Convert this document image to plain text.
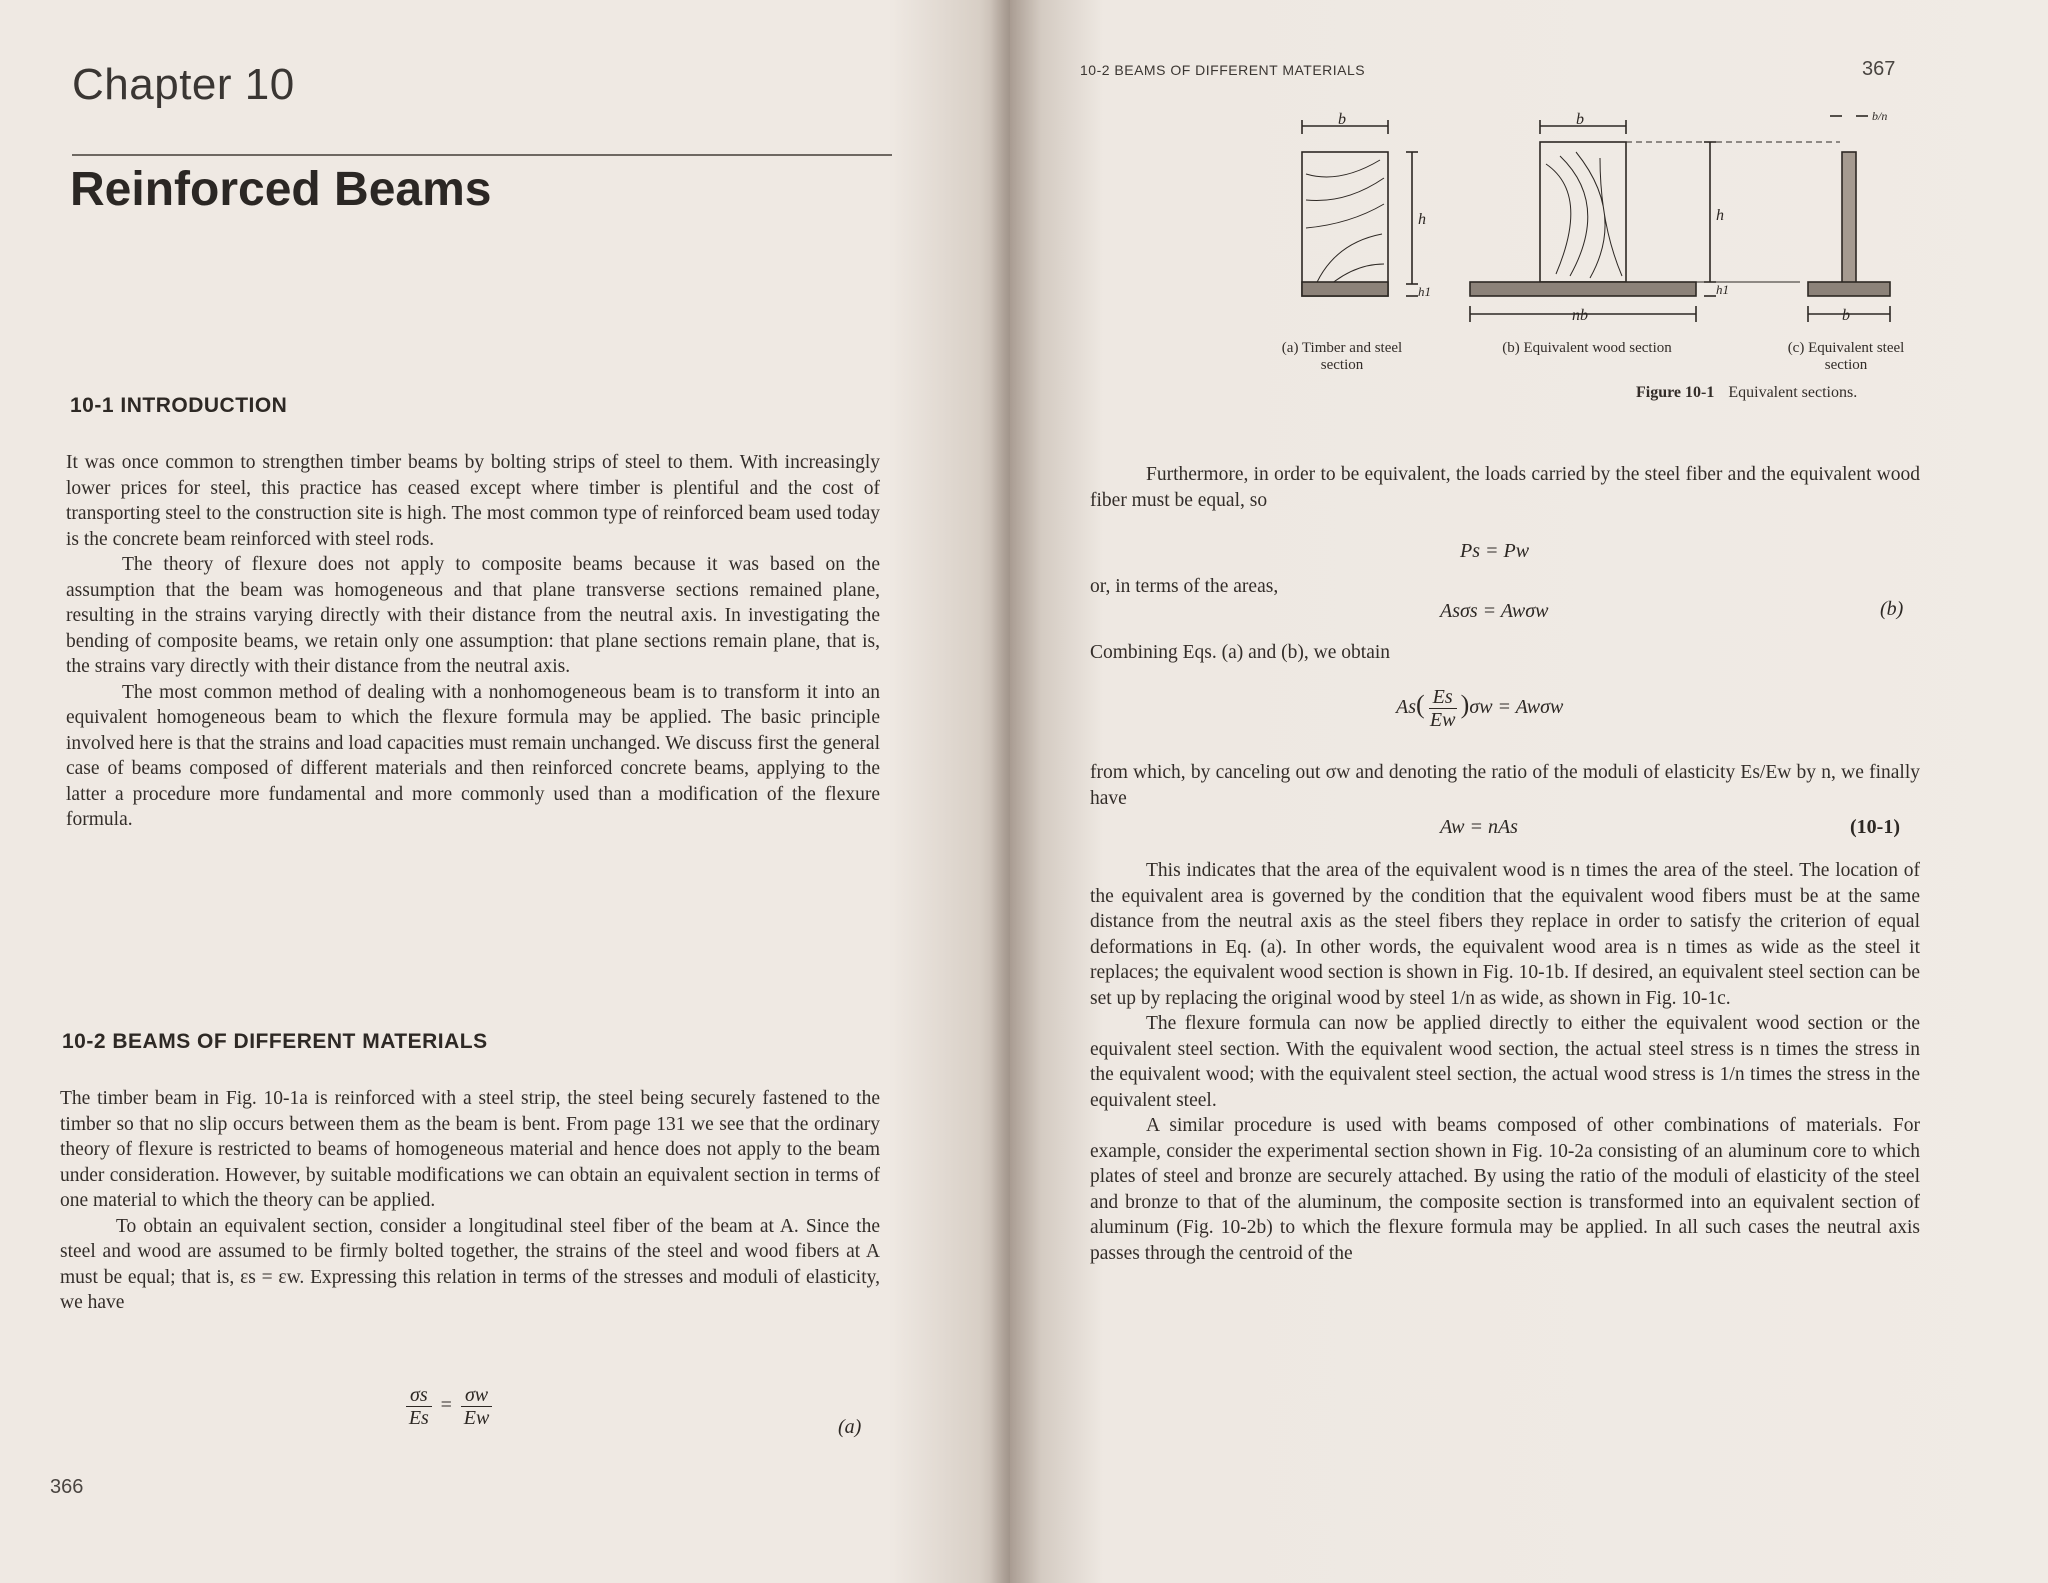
Chapter 10
Reinforced Beams
10-1 INTRODUCTION

It was once common to strengthen timber beams by bolting strips of steel to them. With increasingly lower prices for steel, this practice has ceased except where timber is plentiful and the cost of transporting steel to the construction site is high. The most common type of reinforced beam used today is the concrete beam reinforced with steel rods.

The theory of flexure does not apply to composite beams because it was based on the assumption that the beam was homogeneous and that plane transverse sections remained plane, resulting in the strains varying directly with their distance from the neutral axis. In investigating the bending of composite beams, we retain only one assumption: that plane sections remain plane, that is, the strains vary directly with their distance from the neutral axis.

The most common method of dealing with a nonhomogeneous beam is to transform it into an equivalent homogeneous beam to which the flexure formula may be applied. The basic principle involved here is that the strains and load capacities must remain unchanged. We discuss first the general case of beams composed of different materials and then reinforced concrete beams, applying to the latter a procedure more fundamental and more commonly used than a modification of the flexure formula.

10-2 BEAMS OF DIFFERENT MATERIALS

The timber beam in Fig. 10-1a is reinforced with a steel strip, the steel being securely fastened to the timber so that no slip occurs between them as the beam is bent. From page 131 we see that the ordinary theory of flexure is restricted to beams of homogeneous material and hence does not apply to the beam under consideration. However, by suitable modifications we can obtain an equivalent section in terms of one material to which the theory can be applied.

To obtain an equivalent section, consider a longitudinal steel fiber of the beam at A. Since the steel and wood are assumed to be firmly bolted together, the strains of the steel and wood fibers at A must be equal; that is, εs = εw. Expressing this relation in terms of the stresses and moduli of elasticity, we have

$\frac{\sigma s}{Es} = \frac{\sigma w}{Ew}$	(a)
366
10-2 BEAMS OF DIFFERENT MATERIALS	367
b
h
h1
b
h
h1
nb	b
b/n
(a) Timber and steel section
(b) Equivalent wood section	(c) Equivalent steel section
Figure 10-1 Equivalent sections.

Furthermore, in order to be equivalent, the loads carried by the steel fiber and the equivalent wood fiber must be equal, so

Ps = Pw

or, in terms of the areas,

Asσs = Awσw	(b)

Combining Eqs. (a) and (b), we obtain

$As( \frac{Es}{Ew} )\sigma w = Aw\sigma w$

from which, by canceling out σw and denoting the ratio of the moduli of elasticity Es/Ew by n, we finally have

Aw = nAs	(10-1)

This indicates that the area of the equivalent wood is n times the area of the steel. The location of the equivalent area is governed by the condition that the equivalent wood fibers must be at the same distance from the neutral axis as the steel fibers they replace in order to satisfy the criterion of equal deformations in Eq. (a). In other words, the equivalent wood area is n times as wide as the steel it replaces; the equivalent wood section is shown in Fig. 10-1b. If desired, an equivalent steel section can be set up by replacing the original wood by steel 1/n as wide, as shown in Fig. 10-1c.

The flexure formula can now be applied directly to either the equivalent wood section or the equivalent steel section. With the equivalent wood section, the actual steel stress is n times the stress in the equivalent wood; with the equivalent steel section, the actual wood stress is 1/n times the stress in the equivalent steel.

A similar procedure is used with beams composed of other combinations of materials. For example, consider the experimental section shown in Fig. 10-2a consisting of an aluminum core to which plates of steel and bronze are securely attached. By using the ratio of the moduli of elasticity of the steel and bronze to that of the aluminum, the composite section is transformed into an equivalent section of aluminum (Fig. 10-2b) to which the flexure formula may be applied. In all such cases the neutral axis passes through the centroid of the
